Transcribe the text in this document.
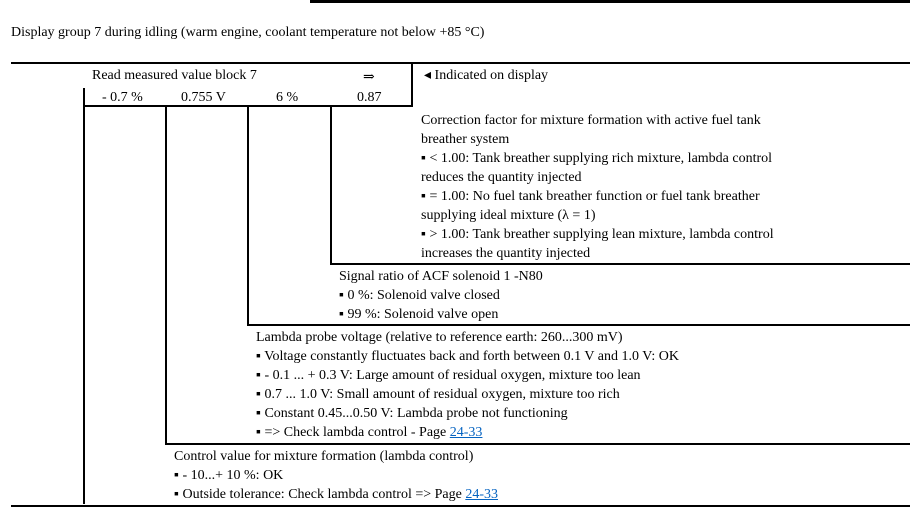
Display group 7 during idling (warm engine, coolant temperature not below +85 °C)
Read measured value block 7	⇒	◂ Indicated on display
- 0.7 %	0.755 V	6 %	0.87
Correction factor for mixture formation with active fuel tank
breather system
▪ < 1.00: Tank breather supplying rich mixture, lambda control
reduces the quantity injected
▪ = 1.00: No fuel tank breather function or fuel tank breather
supplying ideal mixture (λ = 1)
▪ > 1.00: Tank breather supplying lean mixture, lambda control
increases the quantity injected
Signal ratio of ACF solenoid 1 -N80
▪ 0 %: Solenoid valve closed
▪ 99 %: Solenoid valve open
Lambda probe voltage (relative to reference earth: 260...300 mV)
▪ Voltage constantly fluctuates back and forth between 0.1 V and 1.0 V: OK
▪ - 0.1 ... + 0.3 V: Large amount of residual oxygen, mixture too lean
▪ 0.7 ... 1.0 V: Small amount of residual oxygen, mixture too rich
▪ Constant 0.45...0.50 V: Lambda probe not functioning
▪ => Check lambda control - Page 24-33
Control value for mixture formation (lambda control)
▪ - 10...+ 10 %: OK
▪ Outside tolerance: Check lambda control => Page 24-33
